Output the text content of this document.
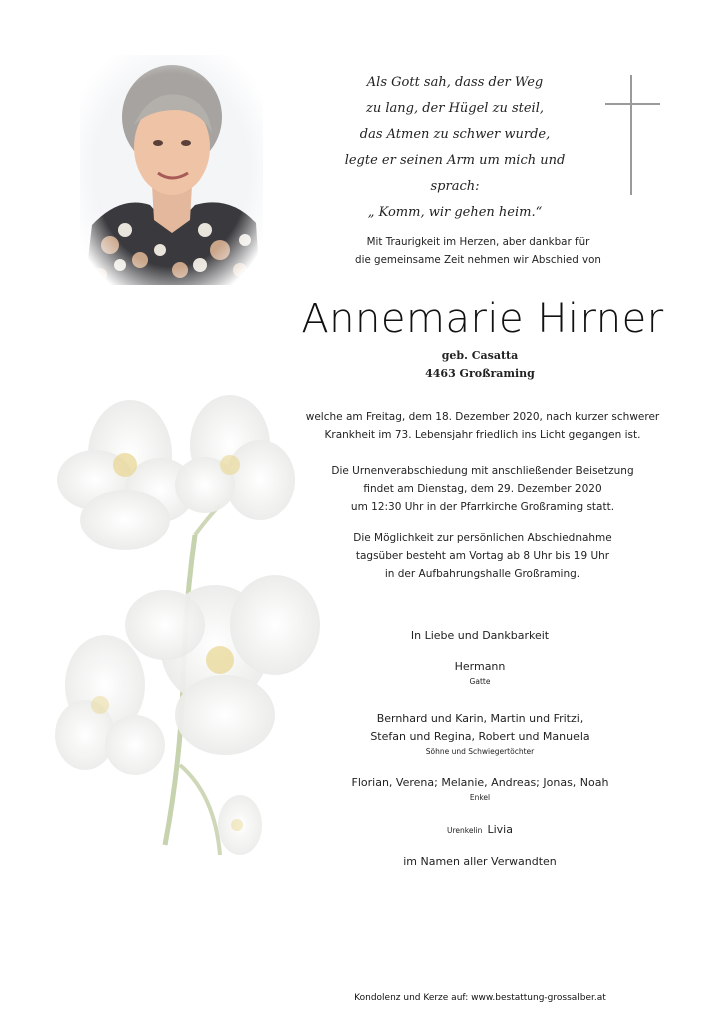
Als Gott sah, dass der Weg
zu lang, der Hügel zu steil,
das Atmen zu schwer wurde,
legte er seinen Arm um mich und sprach:
„ Komm, wir gehen heim.“
Mit Traurigkeit im Herzen, aber dankbar für
die gemeinsame Zeit nehmen wir Abschied von
Annemarie Hirner
geb. Casatta
4463 Großraming

welche am Freitag, dem 18. Dezember 2020, nach kurzer schwerer

Krankheit im 73. Lebensjahr friedlich ins Licht gegangen ist.

Die Urnenverabschiedung mit anschließender Beisetzung

findet am Dienstag, dem 29. Dezember 2020

um 12:30 Uhr in der Pfarrkirche Großraming statt.

Die Möglichkeit zur persönlichen Abschiednahme

tagsüber besteht am Vortag ab 8 Uhr bis 19 Uhr

in der Aufbahrungshalle Großraming.

In Liebe und Dankbarkeit
Hermann
Gatte
Bernhard und Karin, Martin und Fritzi,
Stefan und Regina, Robert und Manuela
Söhne und Schwiegertöchter
Florian, Verena; Melanie, Andreas; Jonas, Noah
Enkel
Urenkelin Livia
im Namen aller Verwandten
Kondolenz und Kerze auf: www.bestattung-grossalber.at
